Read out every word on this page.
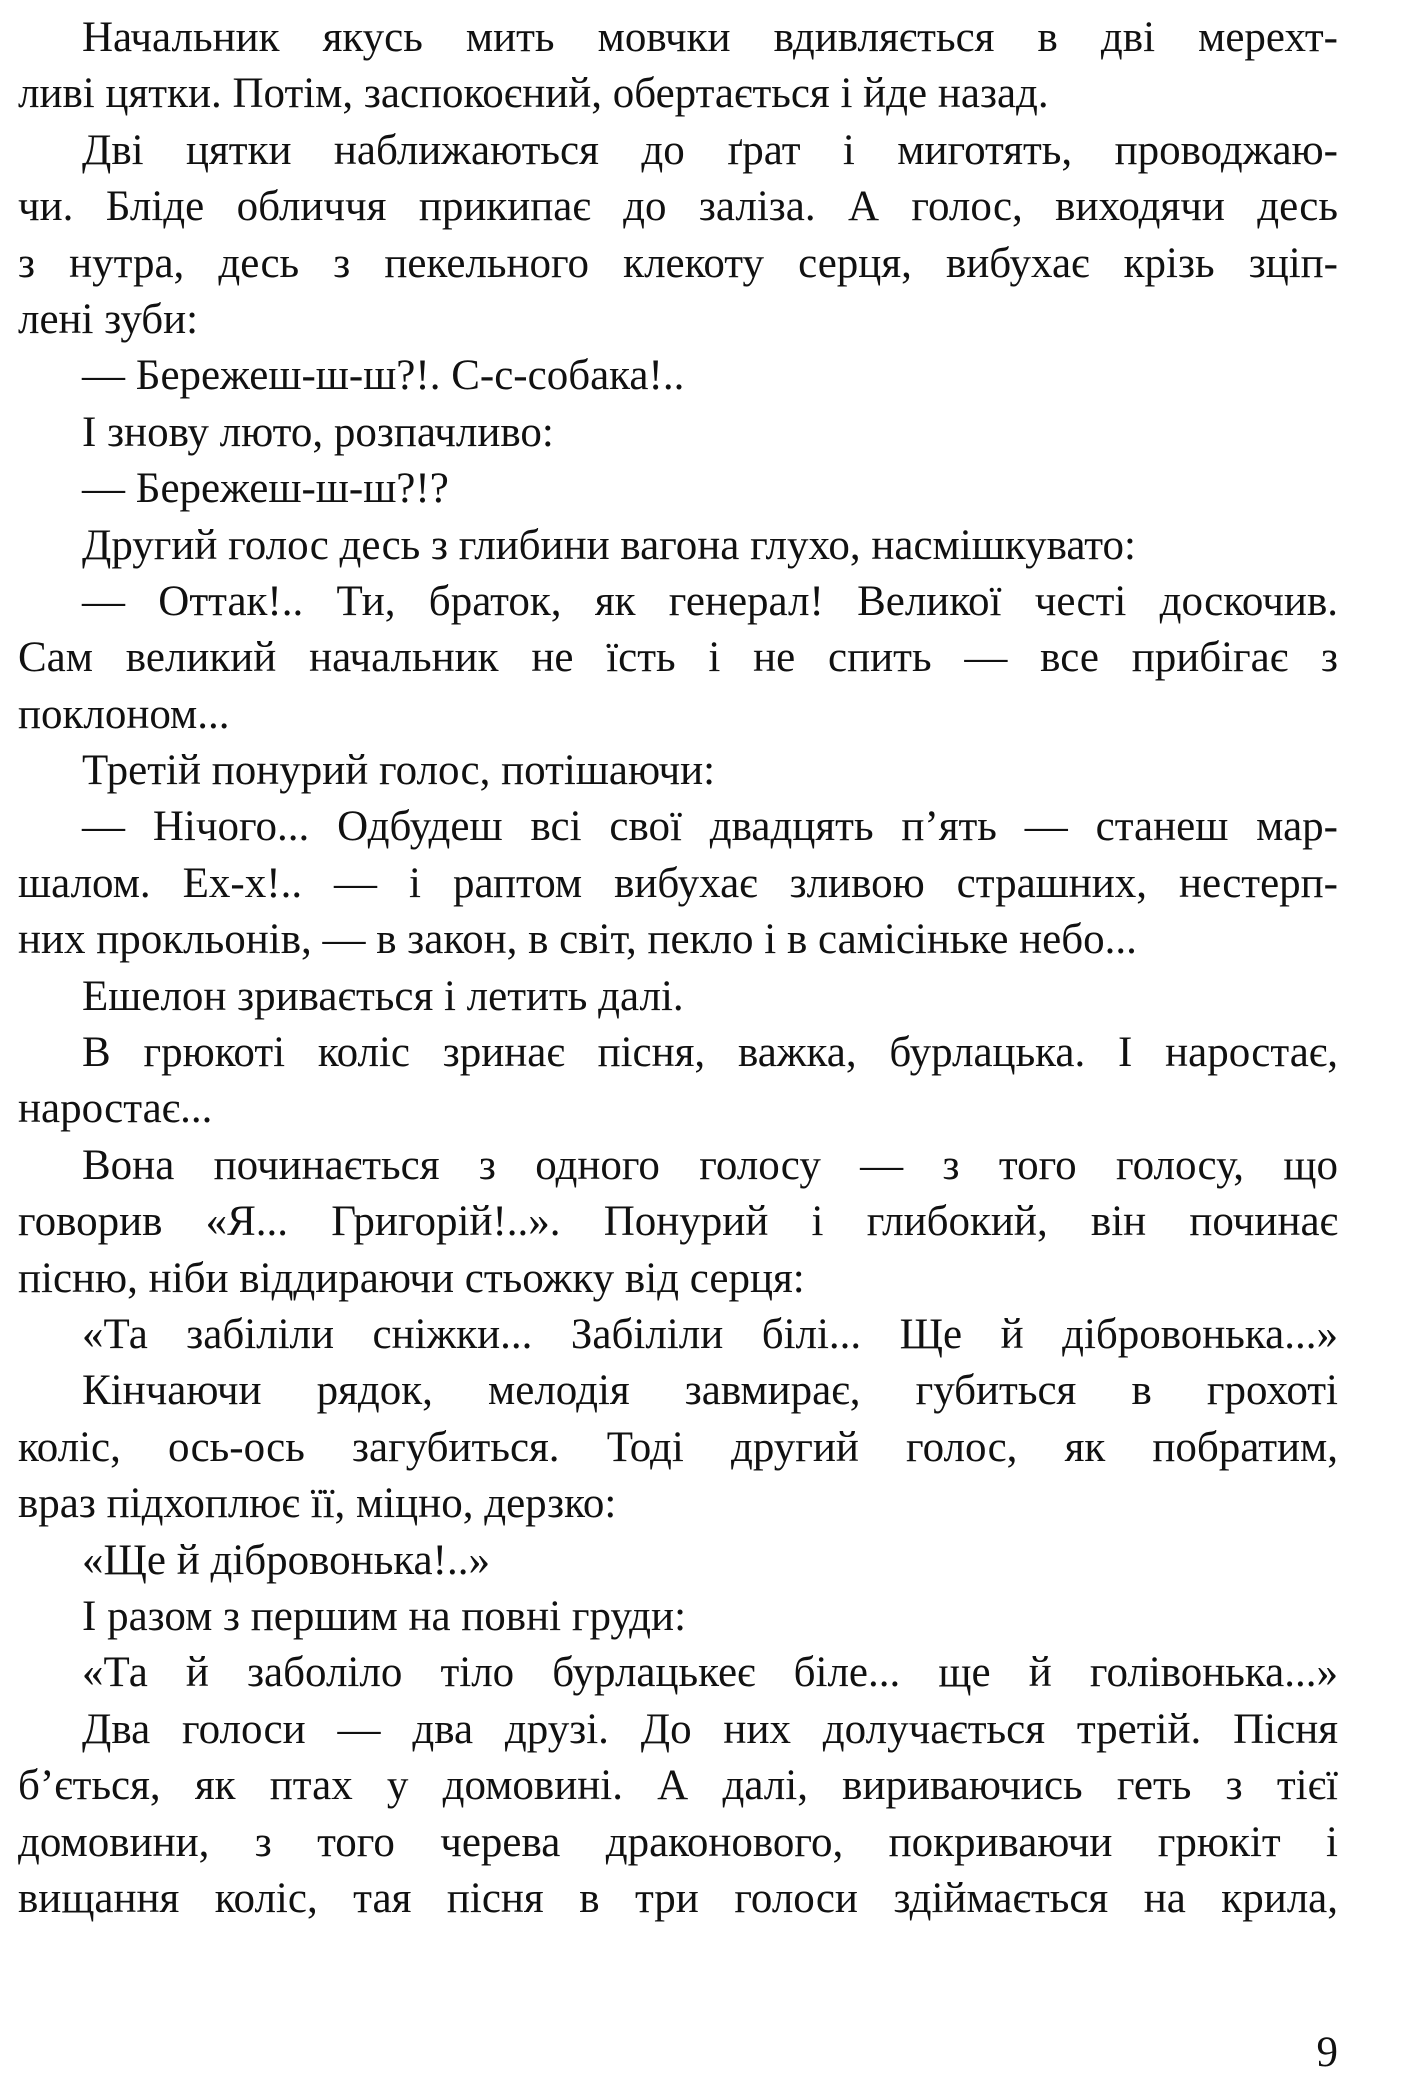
Начальник якусь мить мовчки вдивляється в дві мерехт-
ливі цятки. Потім, заспокоєний, обертається і йде назад.
Дві цятки наближаються до ґрат і миготять, проводжаю-
чи. Бліде обличчя прикипає до заліза. А голос, виходячи десь
з нутра, десь з пекельного клекоту серця, вибухає крізь зціп-
лені зуби:
— Бережеш-ш-ш?!. С-с-собака!..
І знову люто, розпачливо:
— Бережеш-ш-ш?!?
Другий голос десь з глибини вагона глухо, насмішкувато:
— Оттак!.. Ти, браток, як генерал! Великої честі доскочив.
Сам великий начальник не їсть і не спить — все прибігає з
поклоном...
Третій понурий голос, потішаючи:
— Нічого... Одбудеш всі свої двадцять п’ять — станеш мар-
шалом. Ех-х!.. — і раптом вибухає зливою страшних, нестерп-
них прокльонів, — в закон, в світ, пекло і в самісіньке небо...
Ешелон зривається і летить далі.
В грюкоті коліс зринає пісня, важка, бурлацька. І наростає,
наростає...
Вона починається з одного голосу — з того голосу, що
говорив «Я... Григорій!..». Понурий і глибокий, він починає
пісню, ніби віддираючи стьожку від серця:
«Та забіліли сніжки... Забіліли білі... Ще й дібровонька...»
Кінчаючи рядок, мелодія завмирає, губиться в грохоті
коліс, ось-ось загубиться. Тоді другий голос, як побратим,
враз підхоплює її, міцно, дерзко:
«Ще й дібровонька!..»
І разом з першим на повні груди:
«Та й заболіло тіло бурлацькеє біле... ще й голівонька...»
Два голоси — два друзі. До них долучається третій. Пісня
б’ється, як птах у домовині. А далі, вириваючись геть з тієї
домовини, з того черева драконового, покриваючи грюкіт і
вищання коліс, тая пісня в три голоси здіймається на крила,
9
